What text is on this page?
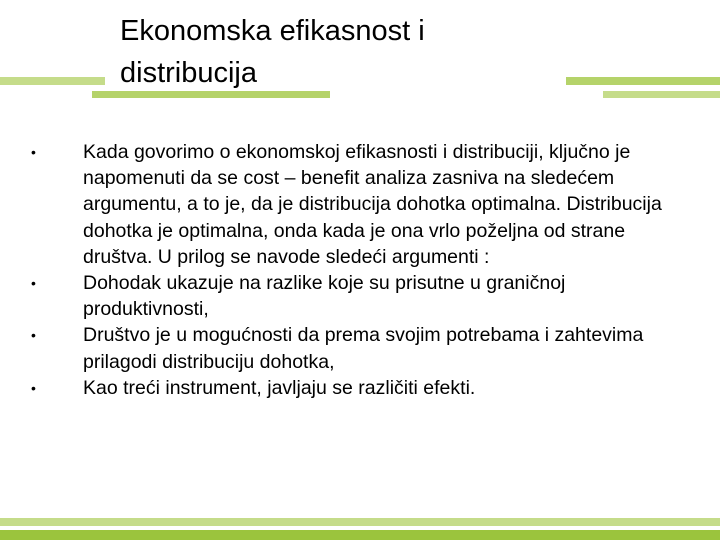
Ekonomska efikasnost i
distribucija
•	Kada govorimo o ekonomskoj efikasnosti i distribuciji, ključno je napomenuti da se cost – benefit analiza zasniva na sledećem argumentu, a to je, da je distribucija dohotka optimalna. Distribucija dohotka je optimalna, onda kada je ona vrlo poželjna od strane društva. U prilog se navode sledeći argumenti :
•	Dohodak ukazuje na razlike koje su prisutne u graničnoj produktivnosti,
•	Društvo je u mogućnosti da prema svojim potrebama i zahtevima prilagodi distribuciju dohotka,
•	Kao treći instrument, javljaju se različiti efekti.
